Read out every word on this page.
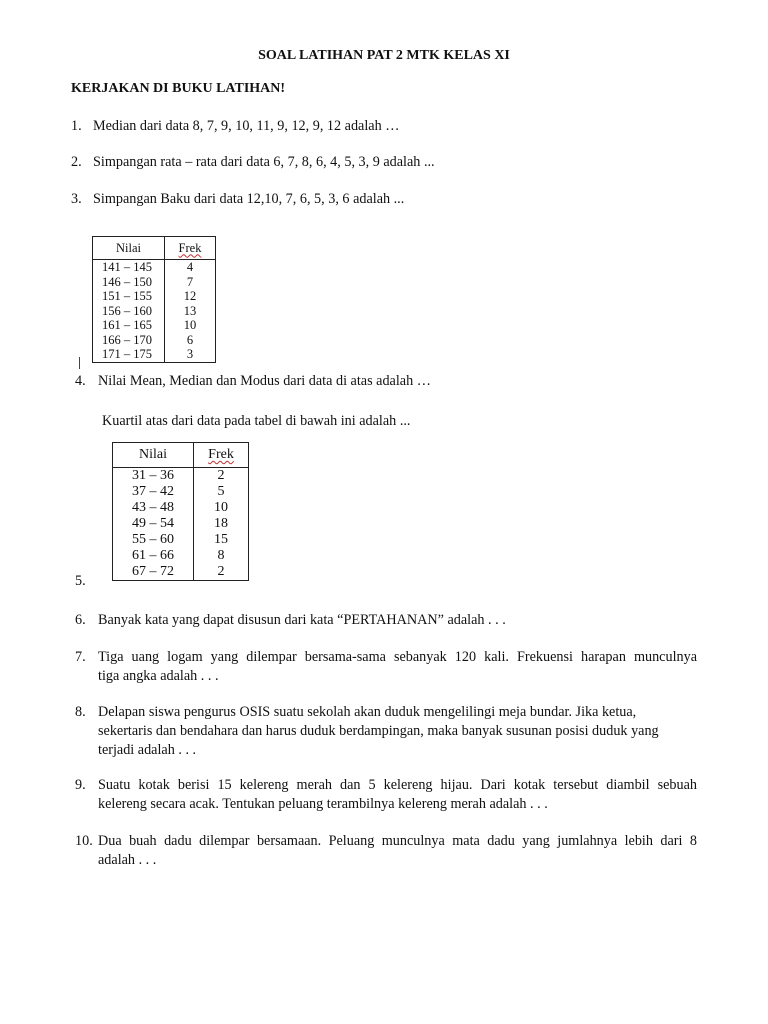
SOAL LATIHAN PAT 2 MTK KELAS XI
KERJAKAN DI BUKU LATIHAN!
1. Median dari data 8, 7, 9, 10, 11, 9, 12, 9, 12 adalah …
2. Simpangan rata – rata dari data 6, 7, 8, 6, 4, 5, 3, 9 adalah ...
3. Simpangan Baku dari data 12,10, 7, 6, 5, 3, 6 adalah ...
Nilai	Frek
141 – 145	4
146 – 150	7
151 – 155	12
156 – 160	13
161 – 165	10
166 – 170	6
171 – 175	3
4. Nilai Mean, Median dan Modus dari data di atas adalah …
Kuartil atas dari data pada tabel di bawah ini adalah ...
Nilai	Frek
31 – 36	2
37 – 42	5
43 – 48	10
49 – 54	18
55 – 60	15
61 – 66	8
67 – 72	2
5.
6. Banyak kata yang dapat disusun dari kata “PERTAHANAN” adalah . . .
7. Tiga uang logam yang dilempar bersama-sama sebanyak 120 kali. Frekuensi harapan munculnya
tiga angka adalah . . .
8. Delapan siswa pengurus OSIS suatu sekolah akan duduk mengelilingi meja bundar. Jika ketua,
sekertaris dan bendahara dan harus duduk berdampingan, maka banyak susunan posisi duduk yang
terjadi adalah . . .
9. Suatu kotak berisi 15 kelereng merah dan 5 kelereng hijau. Dari kotak tersebut diambil sebuah
kelereng secara acak. Tentukan peluang terambilnya kelereng merah adalah . . .
10. Dua buah dadu dilempar bersamaan. Peluang munculnya mata dadu yang jumlahnya lebih dari 8
adalah . . .
